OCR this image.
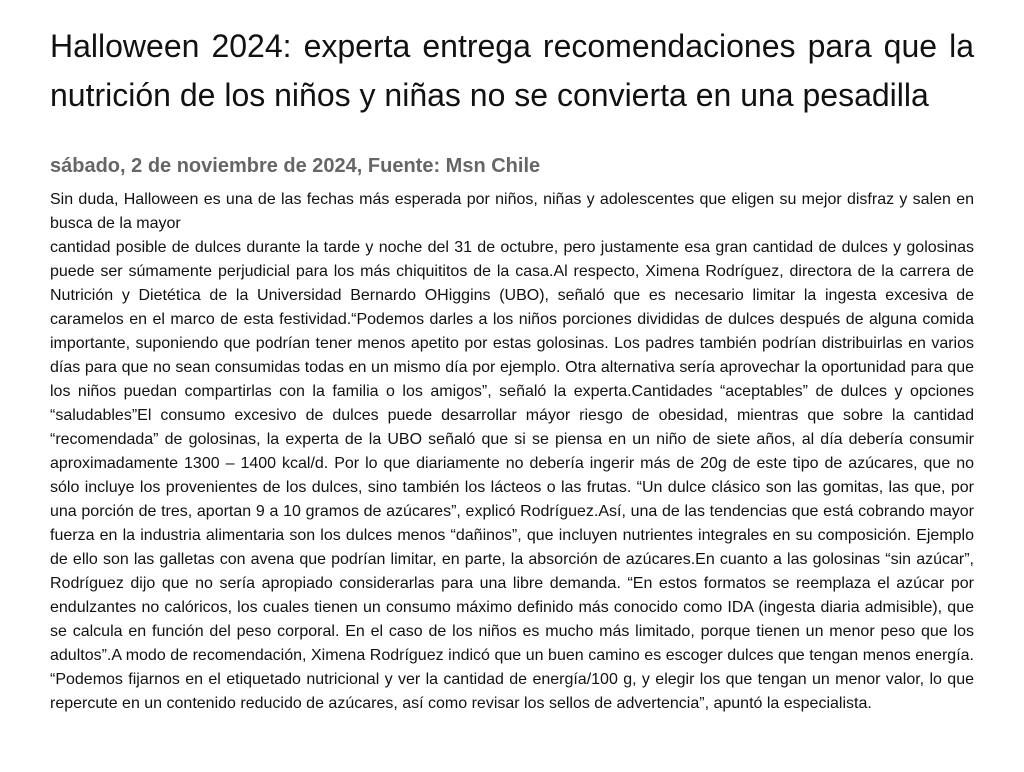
Halloween 2024: experta entrega recomendaciones para que la nutrición de los niños y niñas no se convierta en una pesadilla
sábado, 2 de noviembre de 2024, Fuente: Msn Chile

Sin duda, Halloween es una de las fechas más esperada por niños, niñas y adolescentes que eligen su mejor disfraz y salen en busca de la mayor

cantidad posible de dulces durante la tarde y noche del 31 de octubre, pero justamente esa gran cantidad de dulces y golosinas puede ser súmamente perjudicial para los más chiquititos de la casa.Al respecto, Ximena Rodríguez, directora de la carrera de Nutrición y Dietética de la Universidad Bernardo OHiggins (UBO), señaló que es necesario limitar la ingesta excesiva de caramelos en el marco de esta festividad.“Podemos darles a los niños porciones divididas de dulces después de alguna comida importante, suponiendo que podrían tener menos apetito por estas golosinas. Los padres también podrían distribuirlas en varios días para que no sean consumidas todas en un mismo día por ejemplo. Otra alternativa sería aprovechar la oportunidad para que los niños puedan compartirlas con la familia o los amigos”, señaló la experta.Cantidades “aceptables” de dulces y opciones “saludables”El consumo excesivo de dulces puede desarrollar máyor riesgo de obesidad, mientras que sobre la cantidad “recomendada” de golosinas, la experta de la UBO señaló que si se piensa en un niño de siete años, al día debería consumir aproximadamente 1300 – 1400 kcal/d. Por lo que diariamente no debería ingerir más de 20g de este tipo de azúcares, que no sólo incluye los provenientes de los dulces, sino también los lácteos o las frutas. “Un dulce clásico son las gomitas, las que, por una porción de tres, aportan 9 a 10 gramos de azúcares”, explicó Rodríguez.Así, una de las tendencias que está cobrando mayor fuerza en la industria alimentaria son los dulces menos “dañinos”, que incluyen nutrientes integrales en su composición. Ejemplo de ello son las galletas con avena que podrían limitar, en parte, la absorción de azúcares.En cuanto a las golosinas “sin azúcar”, Rodríguez dijo que no sería apropiado considerarlas para una libre demanda. “En estos formatos se reemplaza el azúcar por endulzantes no calóricos, los cuales tienen un consumo máximo definido más conocido como IDA (ingesta diaria admisible), que se calcula en función del peso corporal. En el caso de los niños es mucho más limitado, porque tienen un menor peso que los adultos”.A modo de recomendación, Ximena Rodríguez indicó que un buen camino es escoger dulces que tengan menos energía. “Podemos fijarnos en el etiquetado nutricional y ver la cantidad de energía/100 g, y elegir los que tengan un menor valor, lo que repercute en un contenido reducido de azúcares, así como revisar los sellos de advertencia”, apuntó la especialista.
